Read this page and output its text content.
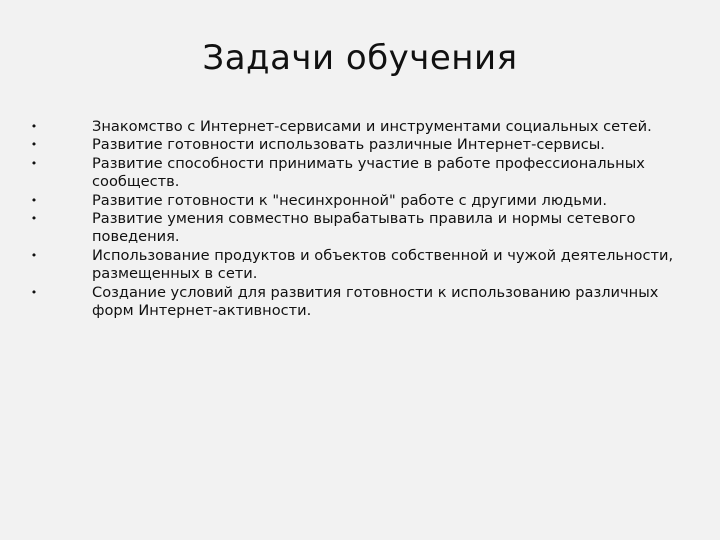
Задачи обучения
•	Знакомство с Интернет-сервисами и инструментами социальных сетей.
•	Развитие готовности использовать различные Интернет-сервисы.
•	Развитие способности принимать участие в работе профессиональных сообществ.
•	Развитие готовности к "несинхронной" работе с другими людьми.
•	Развитие умения совместно вырабатывать правила и нормы сетевого поведения.
•	Использование продуктов и объектов собственной и чужой деятельности, размещенных в сети.
•	Создание условий для развития готовности к использованию различных форм Интернет-активности.
